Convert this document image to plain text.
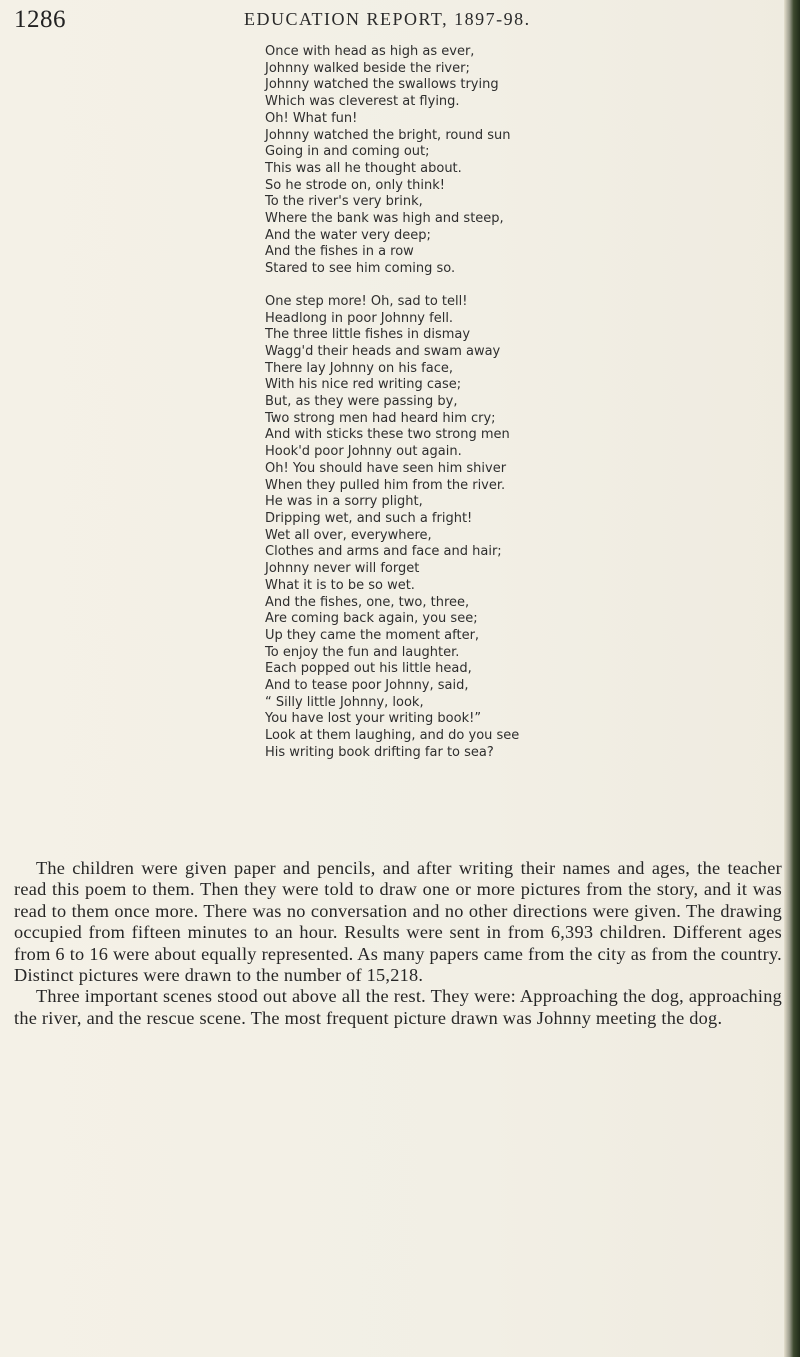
1286	EDUCATION REPORT, 1897-98.
Once with head as high as ever,
Johnny walked beside the river;
Johnny watched the swallows trying
Which was cleverest at flying.
Oh! What fun!
Johnny watched the bright, round sun
Going in and coming out;
This was all he thought about.
So he strode on, only think!
To the river's very brink,
Where the bank was high and steep,
And the water very deep;
And the fishes in a row
Stared to see him coming so.
One step more! Oh, sad to tell!
Headlong in poor Johnny fell.
The three little fishes in dismay
Wagg'd their heads and swam away
There lay Johnny on his face,
With his nice red writing case;
But, as they were passing by,
Two strong men had heard him cry;
And with sticks these two strong men
Hook'd poor Johnny out again.
Oh! You should have seen him shiver
When they pulled him from the river.
He was in a sorry plight,
Dripping wet, and such a fright!
Wet all over, everywhere,
Clothes and arms and face and hair;
Johnny never will forget
What it is to be so wet.
And the fishes, one, two, three,
Are coming back again, you see;
Up they came the moment after,
To enjoy the fun and laughter.
Each popped out his little head,
And to tease poor Johnny, said,
“ Silly little Johnny, look,
You have lost your writing book!”
Look at them laughing, and do you see
His writing book drifting far to sea?

The children were given paper and pencils, and after writing their names and ages, the teacher read this poem to them. Then they were told to draw one or more pictures from the story, and it was read to them once more. There was no conversation and no other directions were given. The drawing occupied from fifteen minutes to an hour. Results were sent in from 6,393 children. Different ages from 6 to 16 were about equally represented. As many papers came from the city as from the country. Distinct pictures were drawn to the number of 15,218.

Three important scenes stood out above all the rest. They were: Approaching the dog, approaching the river, and the rescue scene. The most frequent picture drawn was Johnny meeting the dog.
